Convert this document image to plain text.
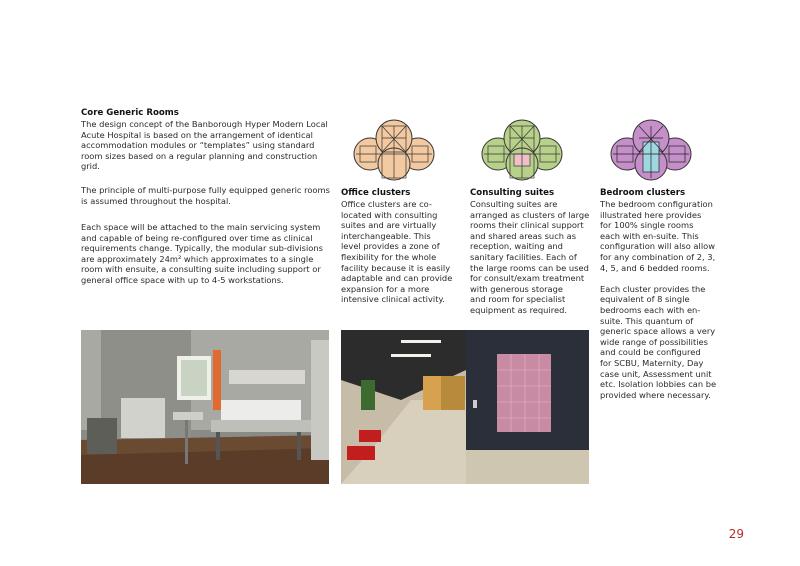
Core Generic Rooms
The design concept of the Banborough Hyper Modern Local
Acute Hospital is based on the arrangement of identical
accommodation modules or “templates” using standard
room sizes based on a regular planning and construction
grid.
The principle of multi-purpose fully equipped generic rooms
is assumed throughout the hospital.
Each space will be attached to the main servicing system
and capable of being re-configured over time as clinical
requirements change. Typically, the modular sub-divisions
are approximately 24m² which approximates to a single
room with ensuite, a consulting suite including support or
general office space with up to 4-5 workstations.
Office clusters
Office clusters are co-
located with consulting
suites and are virtually
interchangeable. This
level provides a zone of
flexibility for the whole
facility because it is easily
adaptable and can provide
expansion for a more
intensive clinical activity.
Consulting suites
Consulting suites are
arranged as clusters of large
rooms their clinical support
and shared areas such as
reception, waiting and
sanitary facilities. Each of
the large rooms can be used
for consult/exam treatment
with generous storage
and room for specialist
equipment as required.
Bedroom clusters
The bedroom configuration
illustrated here provides
for 100% single rooms
each with en-suite. This
configuration will also allow
for any combination of 2, 3,
4, 5, and 6 bedded rooms.

Each cluster provides the
equivalent of 8 single
bedrooms each with en-
suite. This quantum of
generic space allows a very
wide range of possibilities
and could be configured
for SCBU, Maternity, Day
case unit, Assessment unit
etc. Isolation lobbies can be
provided where necessary.
29
